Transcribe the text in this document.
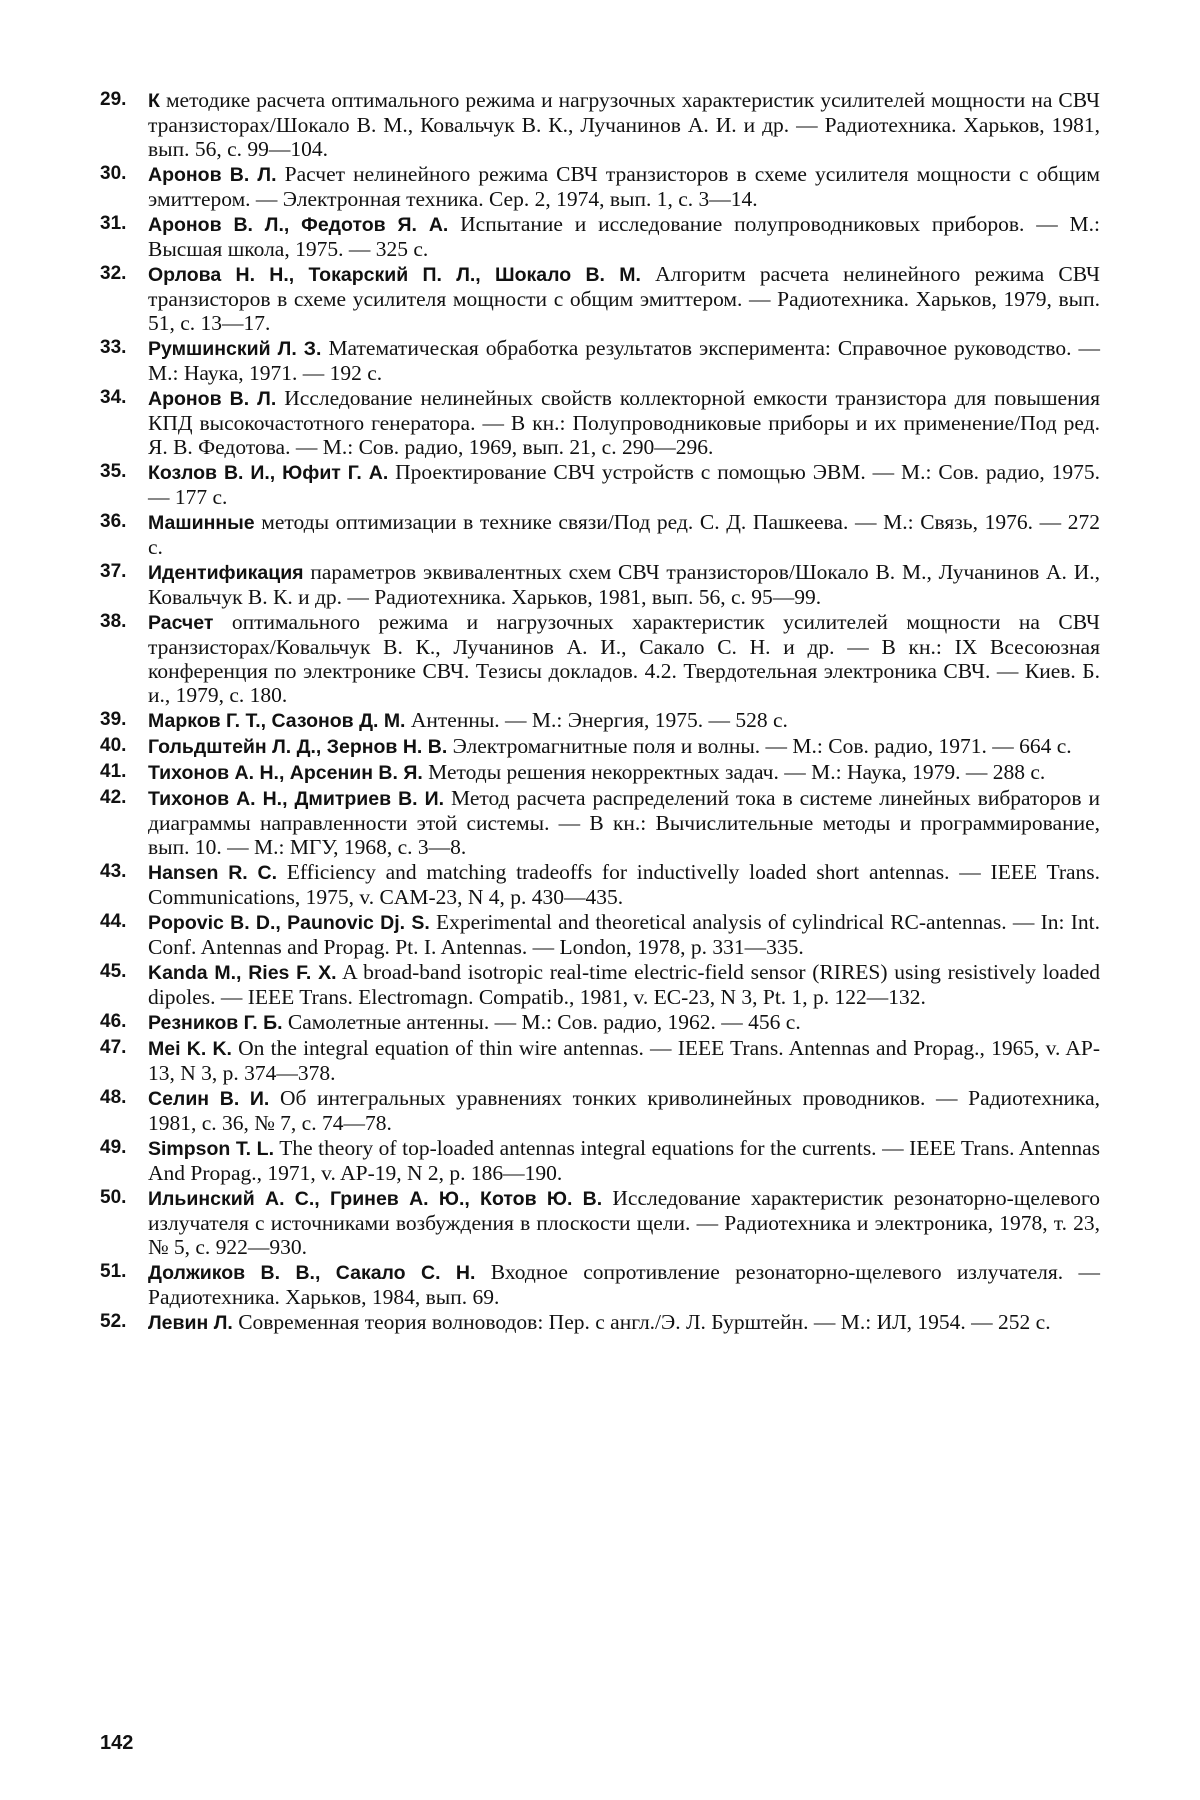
29.	К методике расчета оптимального режима и нагрузочных характеристик усилителей мощности на СВЧ транзисторах/Шокало В. М., Ковальчук В. К., Лучанинов А. И. и др. — Радиотехника. Харьков, 1981, вып. 56, с. 99—104.
30.	Аронов В. Л. Расчет нелинейного режима СВЧ транзисторов в схеме усилителя мощности с общим эмиттером. — Электронная техника. Сер. 2, 1974, вып. 1, с. 3—14.
31.	Аронов В. Л., Федотов Я. А. Испытание и исследование полупроводниковых приборов. — М.: Высшая школа, 1975. — 325 с.
32.	Орлова Н. Н., Токарский П. Л., Шокало В. М. Алгоритм расчета нелинейного режима СВЧ транзисторов в схеме усилителя мощности с общим эмиттером. — Радиотехника. Харьков, 1979, вып. 51, с. 13—17.
33.	Румшинский Л. З. Математическая обработка результатов эксперимента: Справочное руководство. — М.: Наука, 1971. — 192 с.
34.	Аронов В. Л. Исследование нелинейных свойств коллекторной емкости транзистора для повышения КПД высокочастотного генератора. — В кн.: Полупроводниковые приборы и их применение/Под ред. Я. В. Федотова. — М.: Сов. радио, 1969, вып. 21, с. 290—296.
35.	Козлов В. И., Юфит Г. А. Проектирование СВЧ устройств с помощью ЭВМ. — М.: Сов. радио, 1975. — 177 с.
36.	Машинные методы оптимизации в технике связи/Под ред. С. Д. Пашкеева. — М.: Связь, 1976. — 272 с.
37.	Идентификация параметров эквивалентных схем СВЧ транзисторов/Шокало В. М., Лучанинов А. И., Ковальчук В. К. и др. — Радиотехника. Харьков, 1981, вып. 56, с. 95—99.
38.	Расчет оптимального режима и нагрузочных характеристик усилителей мощности на СВЧ транзисторах/Ковальчук В. К., Лучанинов А. И., Сакало С. Н. и др. — В кн.: IX Всесоюзная конференция по электронике СВЧ. Тезисы докладов. 4.2. Твердотельная электроника СВЧ. — Киев. Б. и., 1979, с. 180.
39.	Марков Г. Т., Сазонов Д. М. Антенны. — М.: Энергия, 1975. — 528 с.
40.	Гольдштейн Л. Д., Зернов Н. В. Электромагнитные поля и волны. — М.: Сов. радио, 1971. — 664 с.
41.	Тихонов А. Н., Арсенин В. Я. Методы решения некорректных задач. — М.: Наука, 1979. — 288 с.
42.	Тихонов А. Н., Дмитриев В. И. Метод расчета распределений тока в системе линейных вибраторов и диаграммы направленности этой системы. — В кн.: Вычислительные методы и программирование, вып. 10. — М.: МГУ, 1968, с. 3—8.
43.	Hansen R. C. Efficiency and matching tradeoffs for inductivelly loaded short antennas. — IEEE Trans. Communications, 1975, v. CAM-23, N 4, p. 430—435.
44.	Popovic B. D., Paunovic Dj. S. Experimental and theoretical analysis of cylindrical RC-antennas. — In: Int. Conf. Antennas and Propag. Pt. I. Antennas. — London, 1978, p. 331—335.
45.	Kanda M., Ries F. X. A broad-band isotropic real-time electric-field sensor (RIRES) using resistively loaded dipoles. — IEEE Trans. Electromagn. Compatib., 1981, v. EC-23, N 3, Pt. 1, p. 122—132.
46.	Резников Г. Б. Самолетные антенны. — М.: Сов. радио, 1962. — 456 с.
47.	Mei K. K. On the integral equation of thin wire antennas. — IEEE Trans. Antennas and Propag., 1965, v. AP-13, N 3, p. 374—378.
48.	Селин В. И. Об интегральных уравнениях тонких криволинейных проводников. — Радиотехника, 1981, с. 36, № 7, с. 74—78.
49.	Simpson T. L. The theory of top-loaded antennas integral equations for the currents. — IEEE Trans. Antennas And Propag., 1971, v. AP-19, N 2, p. 186—190.
50.	Ильинский А. С., Гринев А. Ю., Котов Ю. В. Исследование характеристик резонаторно-щелевого излучателя с источниками возбуждения в плоскости щели. — Радиотехника и электроника, 1978, т. 23, № 5, с. 922—930.
51.	Должиков В. В., Сакало С. Н. Входное сопротивление резонаторно-щелевого излучателя. — Радиотехника. Харьков, 1984, вып. 69.
52.	Левин Л. Современная теория волноводов: Пер. с англ./Э. Л. Бурштейн. — М.: ИЛ, 1954. — 252 с.
142
